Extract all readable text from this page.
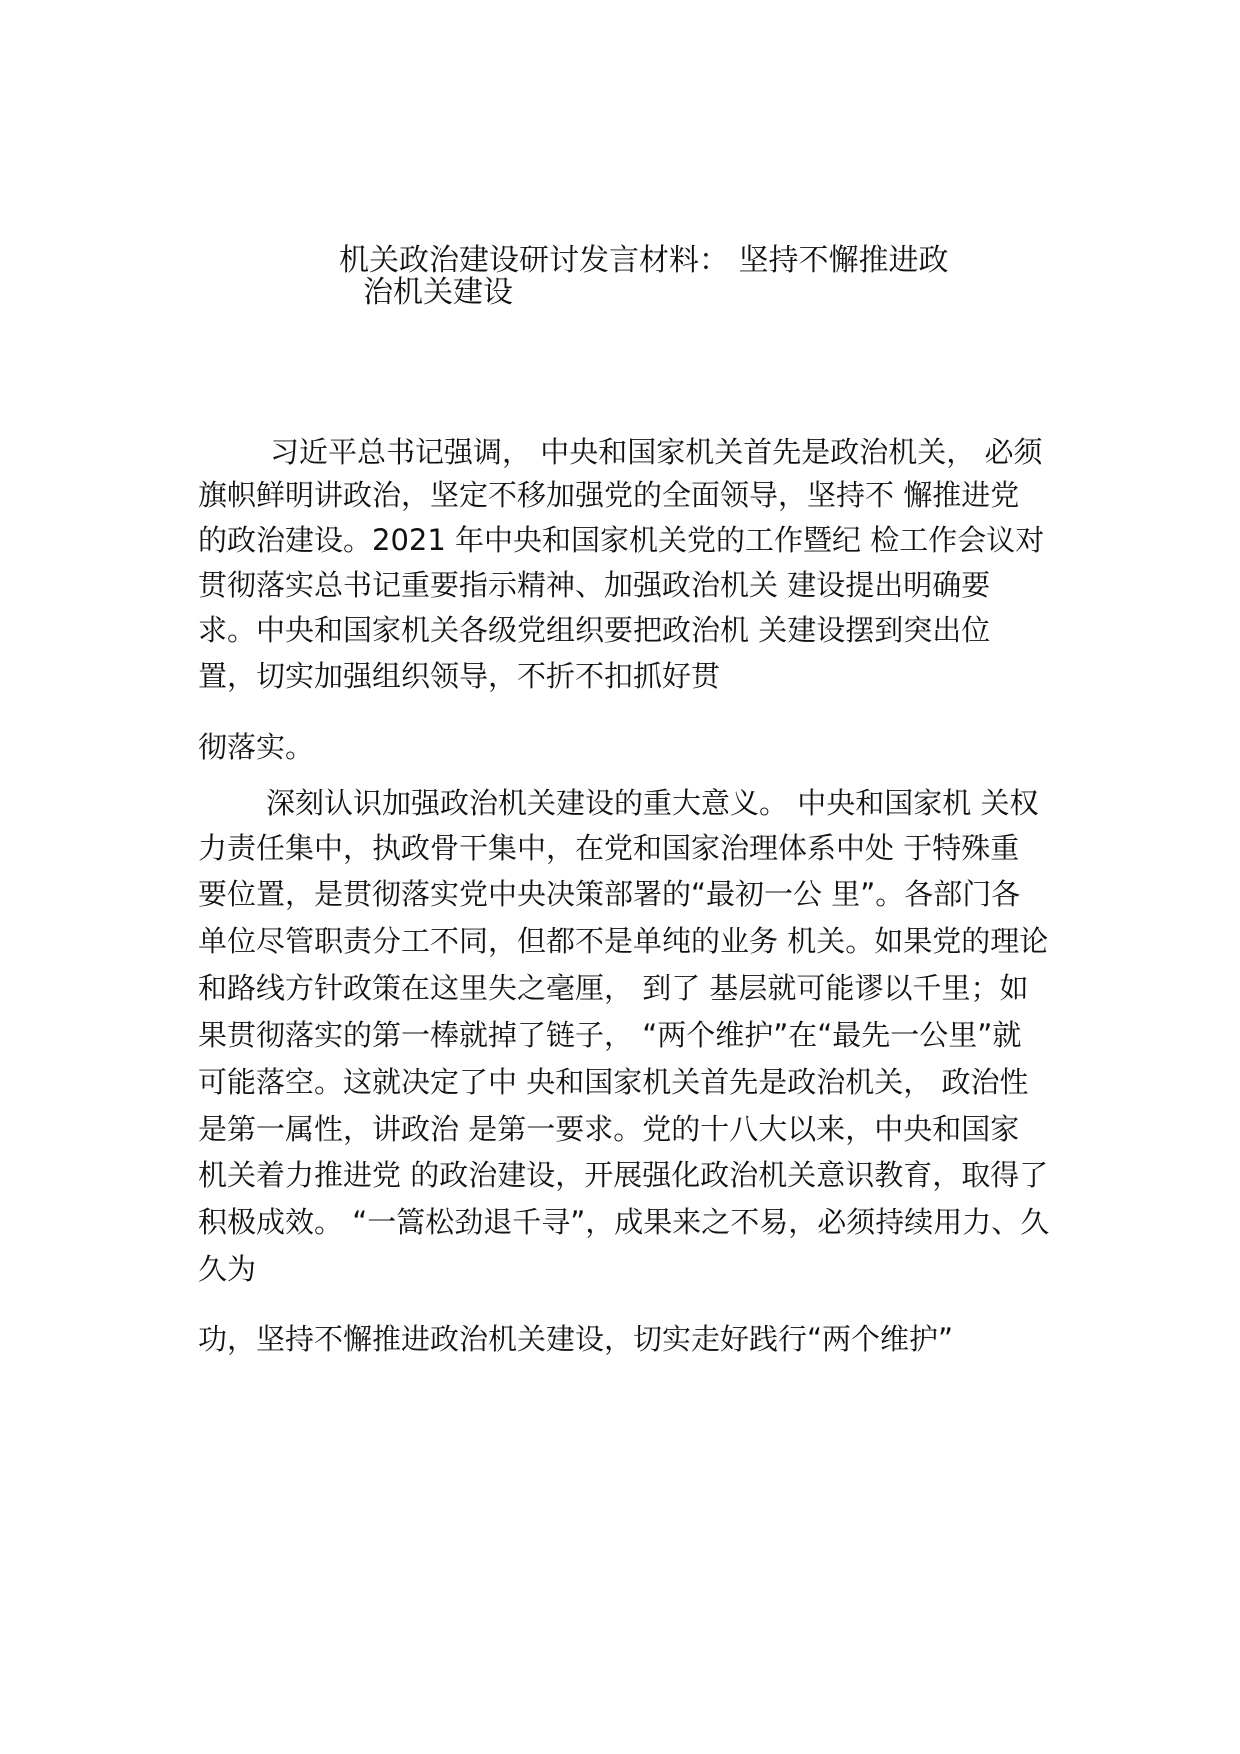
机关政治建设研讨发言材料： 坚持不懈推进政
治机关建设
习近平总书记强调， 中央和国家机关首先是政治机关， 必须
旗帜鲜明讲政治，坚定不移加强党的全面领导，坚持不 懈推进党
的政治建设。2021 年中央和国家机关党的工作暨纪 检工作会议对
贯彻落实总书记重要指示精神、加强政治机关 建设提出明确要
求。中央和国家机关各级党组织要把政治机 关建设摆到突出位
置，切实加强组织领导，不折不扣抓好贯
彻落实。
深刻认识加强政治机关建设的重大意义。 中央和国家机 关权
力责任集中，执政骨干集中，在党和国家治理体系中处 于特殊重
要位置，是贯彻落实党中央决策部署的“最初一公 里”。各部门各
单位尽管职责分工不同，但都不是单纯的业务 机关。如果党的理论
和路线方针政策在这里失之毫厘， 到了 基层就可能谬以千里；如
果贯彻落实的第一棒就掉了链子， “两个维护”在“最先一公里”就
可能落空。这就决定了中 央和国家机关首先是政治机关， 政治性
是第一属性，讲政治 是第一要求。党的十八大以来，中央和国家
机关着力推进党 的政治建设，开展强化政治机关意识教育，取得了
积极成效。 “一篙松劲退千寻”，成果来之不易，必须持续用力、久
久为
功，坚持不懈推进政治机关建设，切实走好践行“两个维护”
